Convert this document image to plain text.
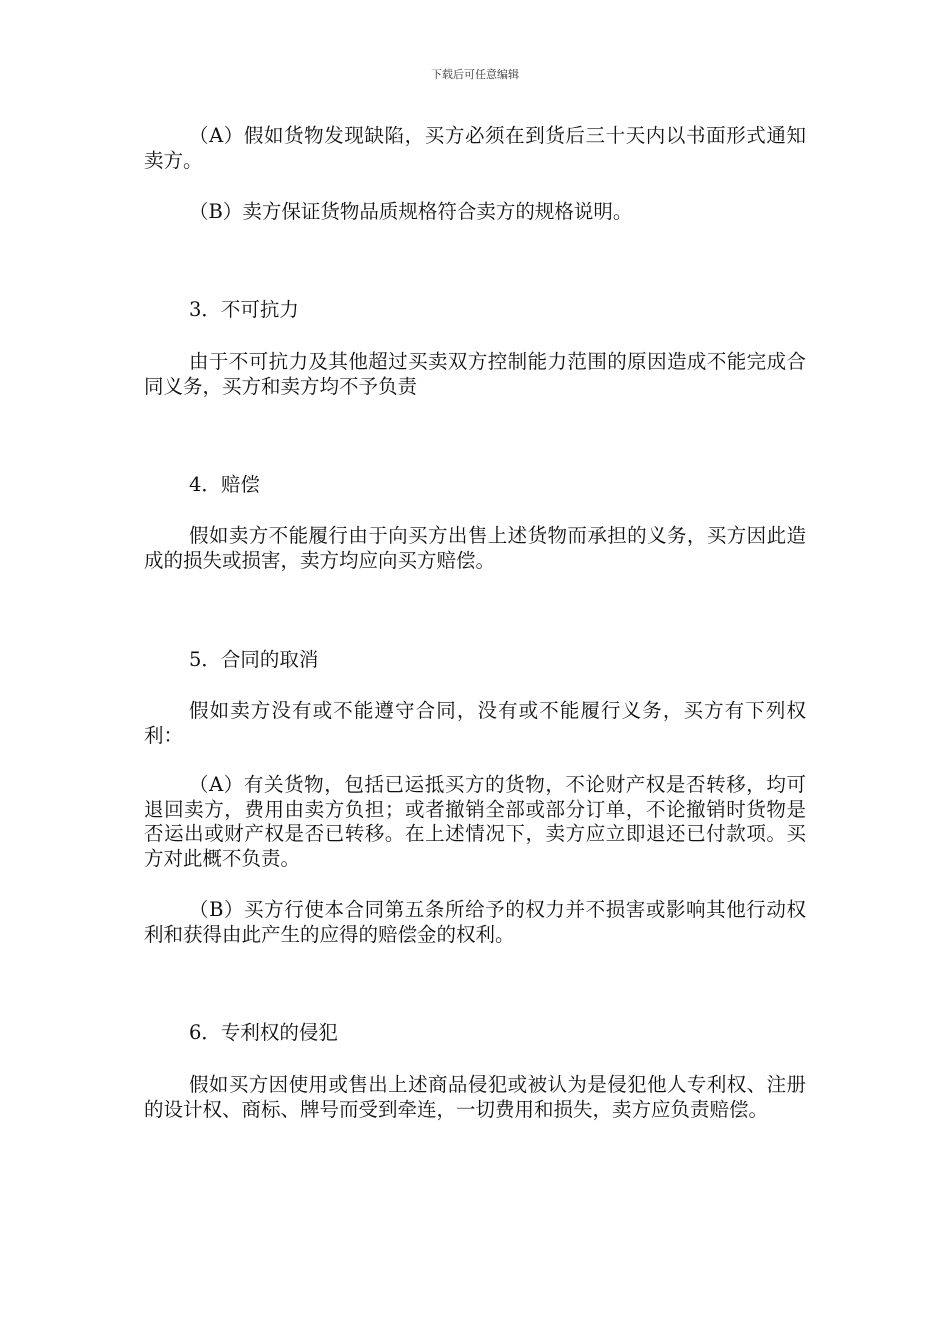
下载后可任意编辑

（A）假如货物发现缺陷，买方必须在到货后三十天内以书面形式通知卖方。

（B）卖方保证货物品质规格符合卖方的规格说明。

3．不可抗力

由于不可抗力及其他超过买卖双方控制能力范围的原因造成不能完成合同义务，买方和卖方均不予负责

4．赔偿

假如卖方不能履行由于向买方出售上述货物而承担的义务，买方因此造成的损失或损害，卖方均应向买方赔偿。

5．合同的取消

假如卖方没有或不能遵守合同，没有或不能履行义务，买方有下列权利：

（A）有关货物，包括已运抵买方的货物，不论财产权是否转移，均可退回卖方，费用由卖方负担；或者撤销全部或部分订单，不论撤销时货物是否运出或财产权是否已转移。在上述情况下，卖方应立即退还已付款项。买方对此概不负责。

（B）买方行使本合同第五条所给予的权力并不损害或影响其他行动权利和获得由此产生的应得的赔偿金的权利。

6．专利权的侵犯

假如买方因使用或售出上述商品侵犯或被认为是侵犯他人专利权、注册的设计权、商标、牌号而受到牵连，一切费用和损失，卖方应负责赔偿。
